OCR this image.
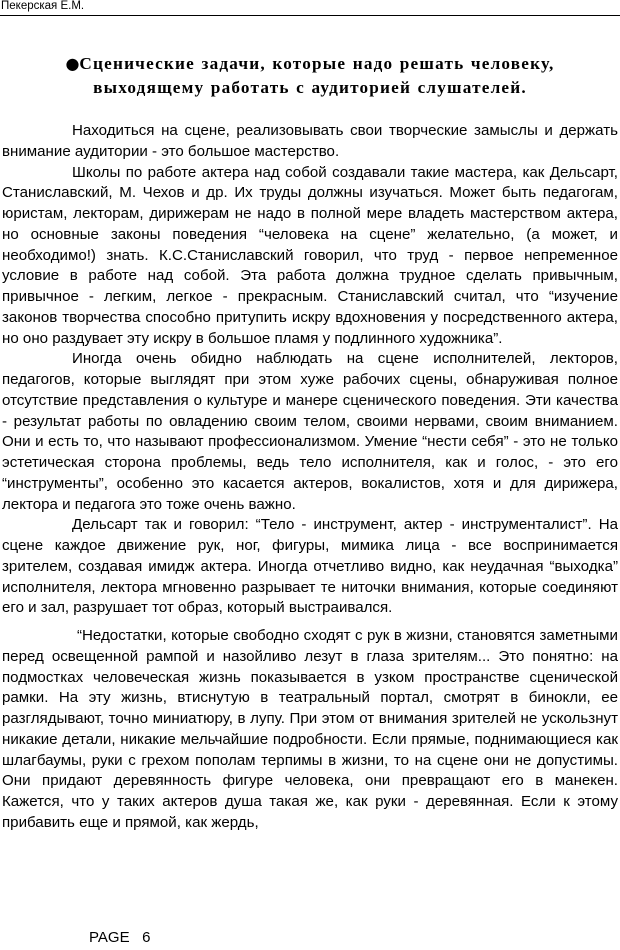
Пекерская Е.М.
●Сценические задачи, которые надо решать человеку, выходящему работать с аудиторией слушателей.

Находиться на сцене, реализовывать свои творческие замыслы и держать внимание аудитории - это большое мастерство.

Школы по работе актера над собой создавали такие мастера, как Дельсарт, Станиславский, М. Чехов и др. Их труды должны изучаться. Может быть педагогам, юристам, лекторам, дирижерам не надо в полной мере владеть мастерством актера, но основные законы поведения “человека на сцене” желательно, (а может, и необходимо!) знать. К.С.Станиславский говорил, что труд - первое непременное условие в работе над собой. Эта работа должна трудное сделать привычным, привычное - легким, легкое - прекрасным. Станиславский считал, что “изучение законов творчества способно притупить искру вдохновения у посредственного актера, но оно раздувает эту искру в большое пламя у подлинного художника”.

Иногда очень обидно наблюдать на сцене исполнителей, лекторов, педагогов, которые выглядят при этом хуже рабочих сцены, обнаруживая полное отсутствие представления о культуре и манере сценического поведения. Эти качества - результат работы по овладению своим телом, своими нервами, своим вниманием. Они и есть то, что называют профессионализмом. Умение “нести себя” - это не только эстетическая сторона проблемы, ведь тело исполнителя, как и голос, - это его “инструменты”, особенно это касается актеров, вокалистов, хотя и для дирижера, лектора и педагога это тоже очень важно.

Дельсарт так и говорил: “Тело - инструмент, актер - инструменталист”. На сцене каждое движение рук, ног, фигуры, мимика лица - все воспринимается зрителем, создавая имидж актера. Иногда отчетливо видно, как неудачная “выходка” исполнителя, лектора мгновенно разрывает те ниточки внимания, которые соединяют его и зал, разрушает тот образ, который выстраивался.

“Недостатки, которые свободно сходят с рук в жизни, становятся заметными перед освещенной рампой и назойливо лезут в глаза зрителям... Это понятно: на подмостках человеческая жизнь показывается в узком пространстве сценической рамки. На эту жизнь, втиснутую в театральный портал, смотрят в бинокли, ее разглядывают, точно миниатюру, в лупу. При этом от внимания зрителей не ускользнут никакие детали, никакие мельчайшие подробности. Если прямые, поднимающиеся как шлагбаумы, руки с грехом пополам терпимы в жизни, то на сцене они не допустимы. Они придают деревянность фигуре человека, они превращают его в манекен. Кажется, что у таких актеров душа такая же, как руки - деревянная. Если к этому прибавить еще и прямой, как жердь,

PAGE 6
